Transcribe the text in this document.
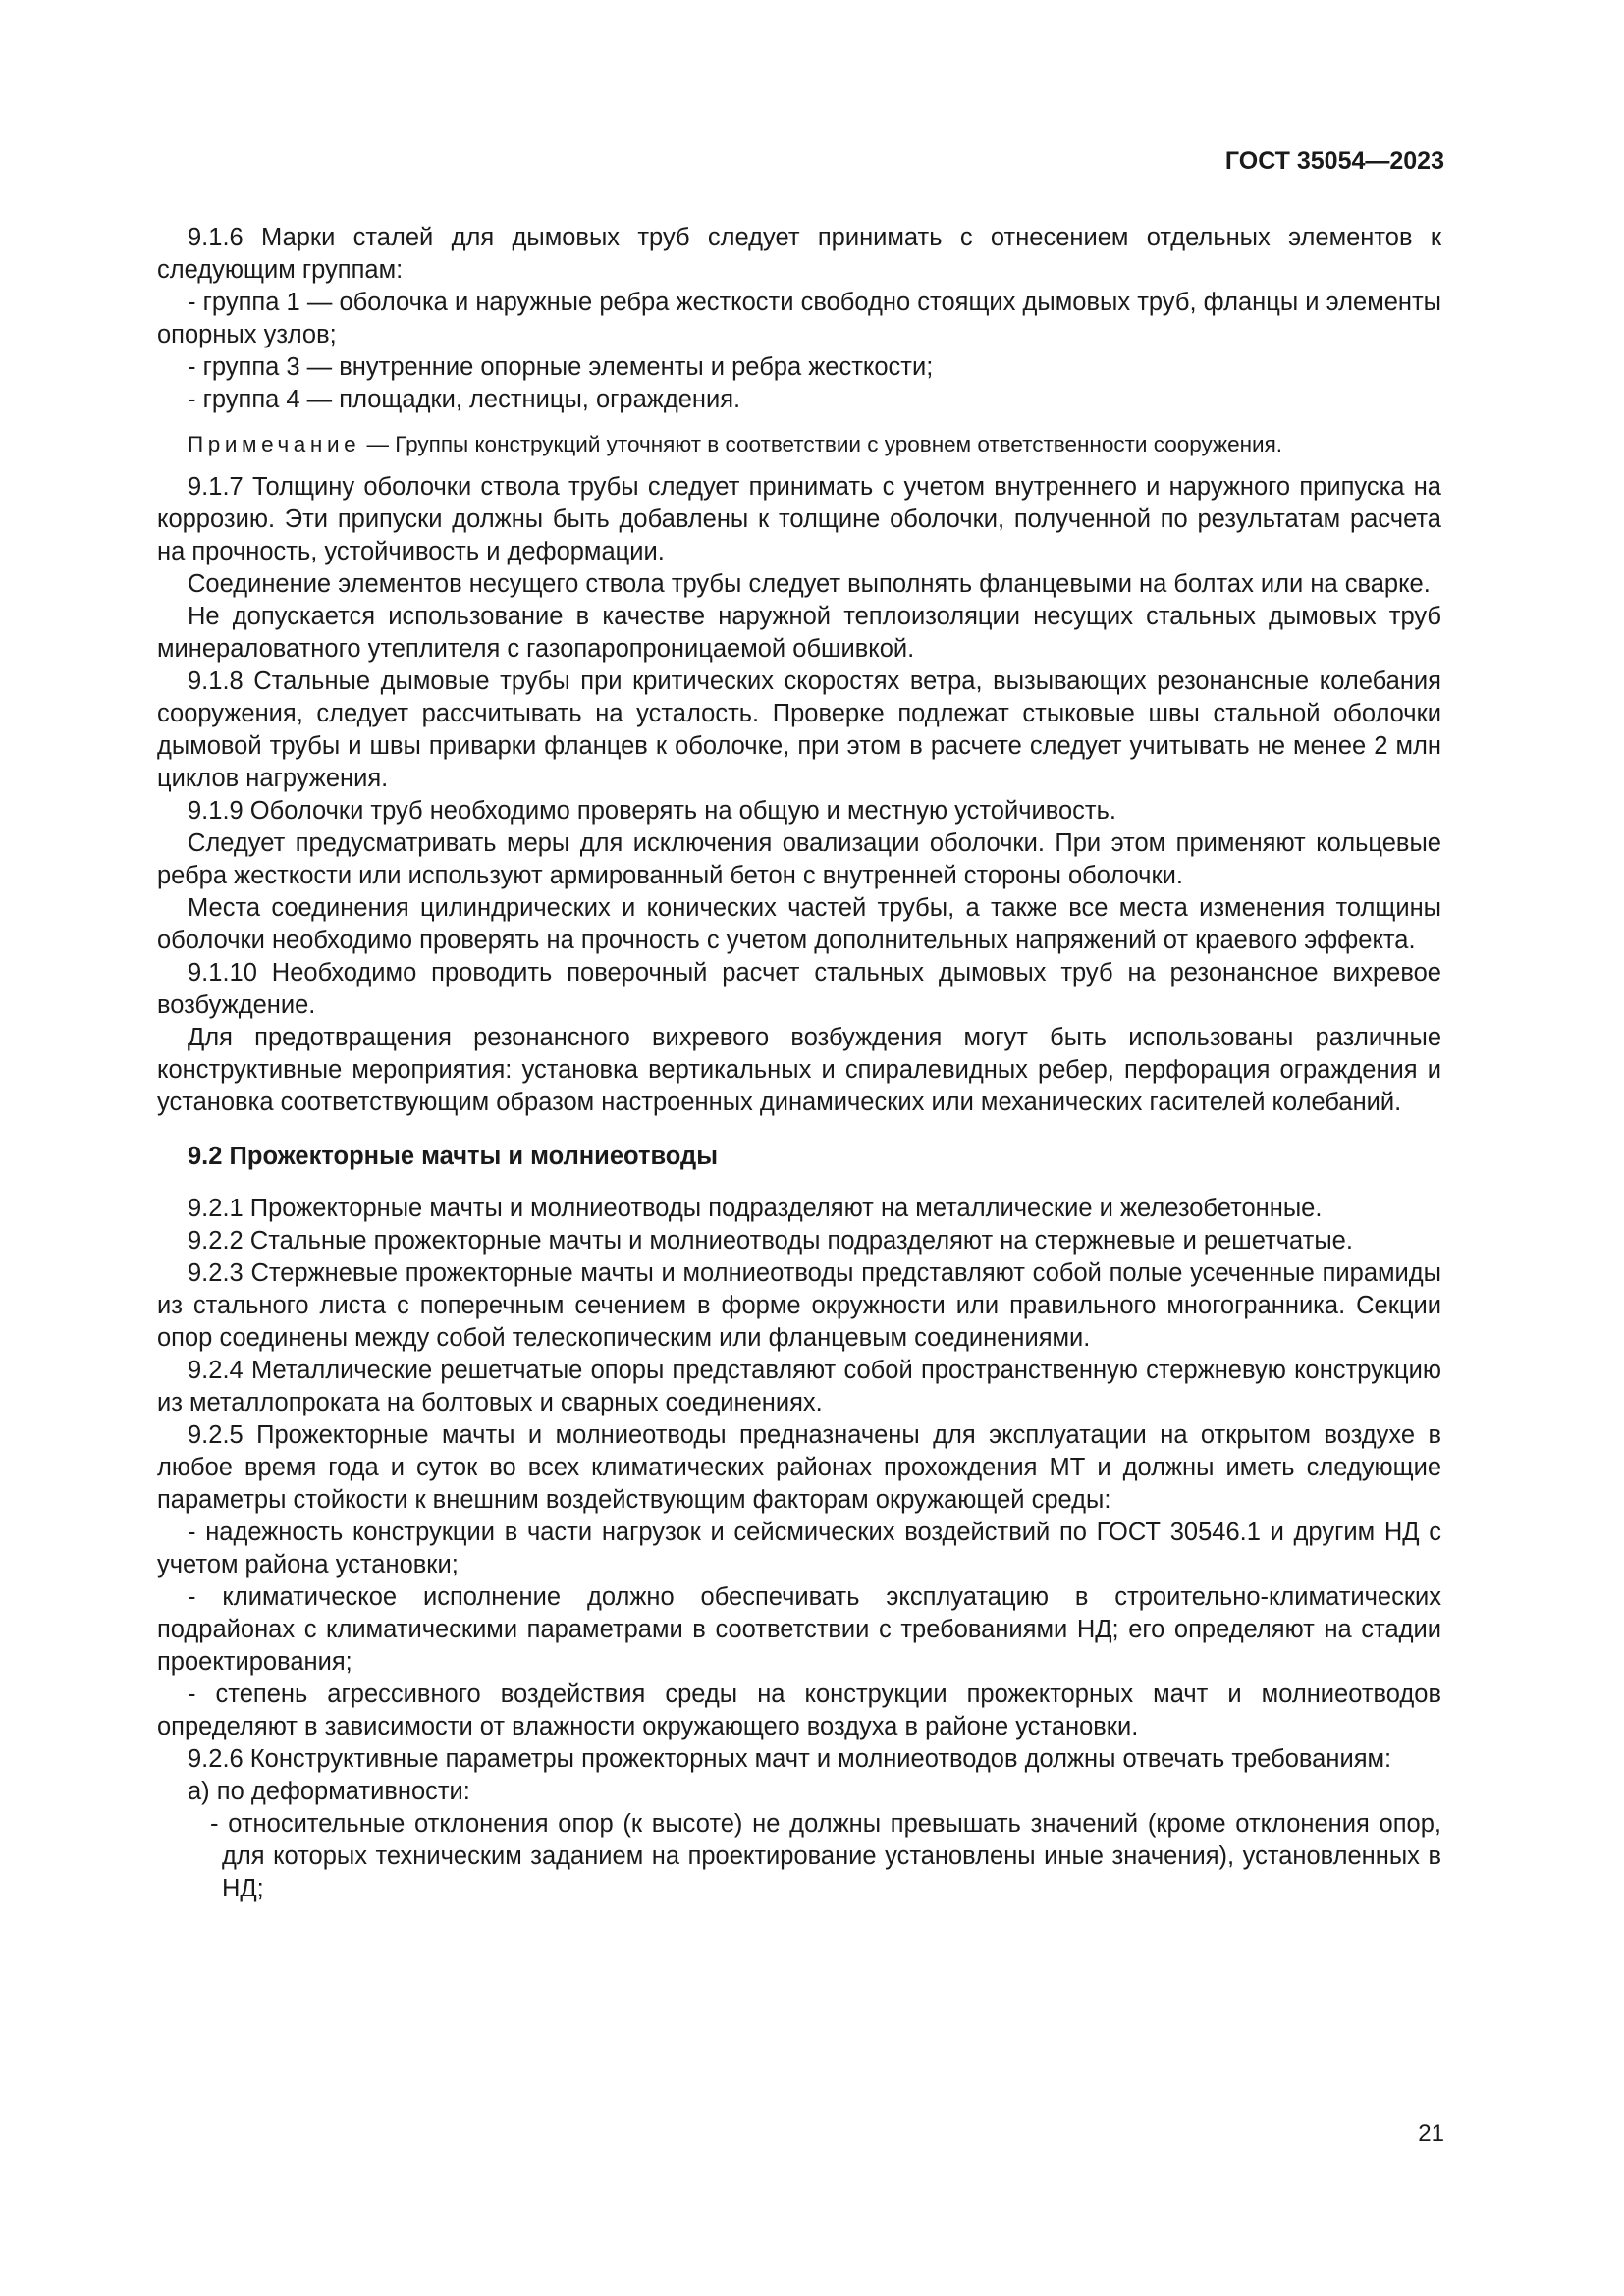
ГОСТ 35054—2023

9.1.6 Марки сталей для дымовых труб следует принимать с отнесением отдельных элементов к следующим группам:

- группа 1 — оболочка и наружные ребра жесткости свободно стоящих дымовых труб, фланцы и элементы опорных узлов;

- группа 3 — внутренние опорные элементы и ребра жесткости;

- группа 4 — площадки, лестницы, ограждения.

Примечание — Группы конструкций уточняют в соответствии с уровнем ответственности сооружения.

9.1.7 Толщину оболочки ствола трубы следует принимать с учетом внутреннего и наружного припуска на коррозию. Эти припуски должны быть добавлены к толщине оболочки, полученной по результатам расчета на прочность, устойчивость и деформации.

Соединение элементов несущего ствола трубы следует выполнять фланцевыми на болтах или на сварке.

Не допускается использование в качестве наружной теплоизоляции несущих стальных дымовых труб минераловатного утеплителя с газопаропроницаемой обшивкой.

9.1.8 Стальные дымовые трубы при критических скоростях ветра, вызывающих резонансные колебания сооружения, следует рассчитывать на усталость. Проверке подлежат стыковые швы стальной оболочки дымовой трубы и швы приварки фланцев к оболочке, при этом в расчете следует учитывать не менее 2 млн циклов нагружения.

9.1.9 Оболочки труб необходимо проверять на общую и местную устойчивость.

Следует предусматривать меры для исключения овализации оболочки. При этом применяют кольцевые ребра жесткости или используют армированный бетон с внутренней стороны оболочки.

Места соединения цилиндрических и конических частей трубы, а также все места изменения толщины оболочки необходимо проверять на прочность с учетом дополнительных напряжений от краевого эффекта.

9.1.10 Необходимо проводить поверочный расчет стальных дымовых труб на резонансное вихревое возбуждение.

Для предотвращения резонансного вихревого возбуждения могут быть использованы различные конструктивные мероприятия: установка вертикальных и спиралевидных ребер, перфорация ограждения и установка соответствующим образом настроенных динамических или механических гасителей колебаний.

9.2 Прожекторные мачты и молниеотводы

9.2.1 Прожекторные мачты и молниеотводы подразделяют на металлические и железобетонные.

9.2.2 Стальные прожекторные мачты и молниеотводы подразделяют на стержневые и решетчатые.

9.2.3 Стержневые прожекторные мачты и молниеотводы представляют собой полые усеченные пирамиды из стального листа с поперечным сечением в форме окружности или правильного многогранника. Секции опор соединены между собой телескопическим или фланцевым соединениями.

9.2.4 Металлические решетчатые опоры представляют собой пространственную стержневую конструкцию из металлопроката на болтовых и сварных соединениях.

9.2.5 Прожекторные мачты и молниеотводы предназначены для эксплуатации на открытом воздухе в любое время года и суток во всех климатических районах прохождения МТ и должны иметь следующие параметры стойкости к внешним воздействующим факторам окружающей среды:

- надежность конструкции в части нагрузок и сейсмических воздействий по ГОСТ 30546.1 и другим НД с учетом района установки;

- климатическое исполнение должно обеспечивать эксплуатацию в строительно-климатических подрайонах с климатическими параметрами в соответствии с требованиями НД; его определяют на стадии проектирования;

- степень агрессивного воздействия среды на конструкции прожекторных мачт и молниеотводов определяют в зависимости от влажности окружающего воздуха в районе установки.

9.2.6 Конструктивные параметры прожекторных мачт и молниеотводов должны отвечать требованиям:

а) по деформативности:

- относительные отклонения опор (к высоте) не должны превышать значений (кроме отклонения опор, для которых техническим заданием на проектирование установлены иные значения), установленных в НД;

21
